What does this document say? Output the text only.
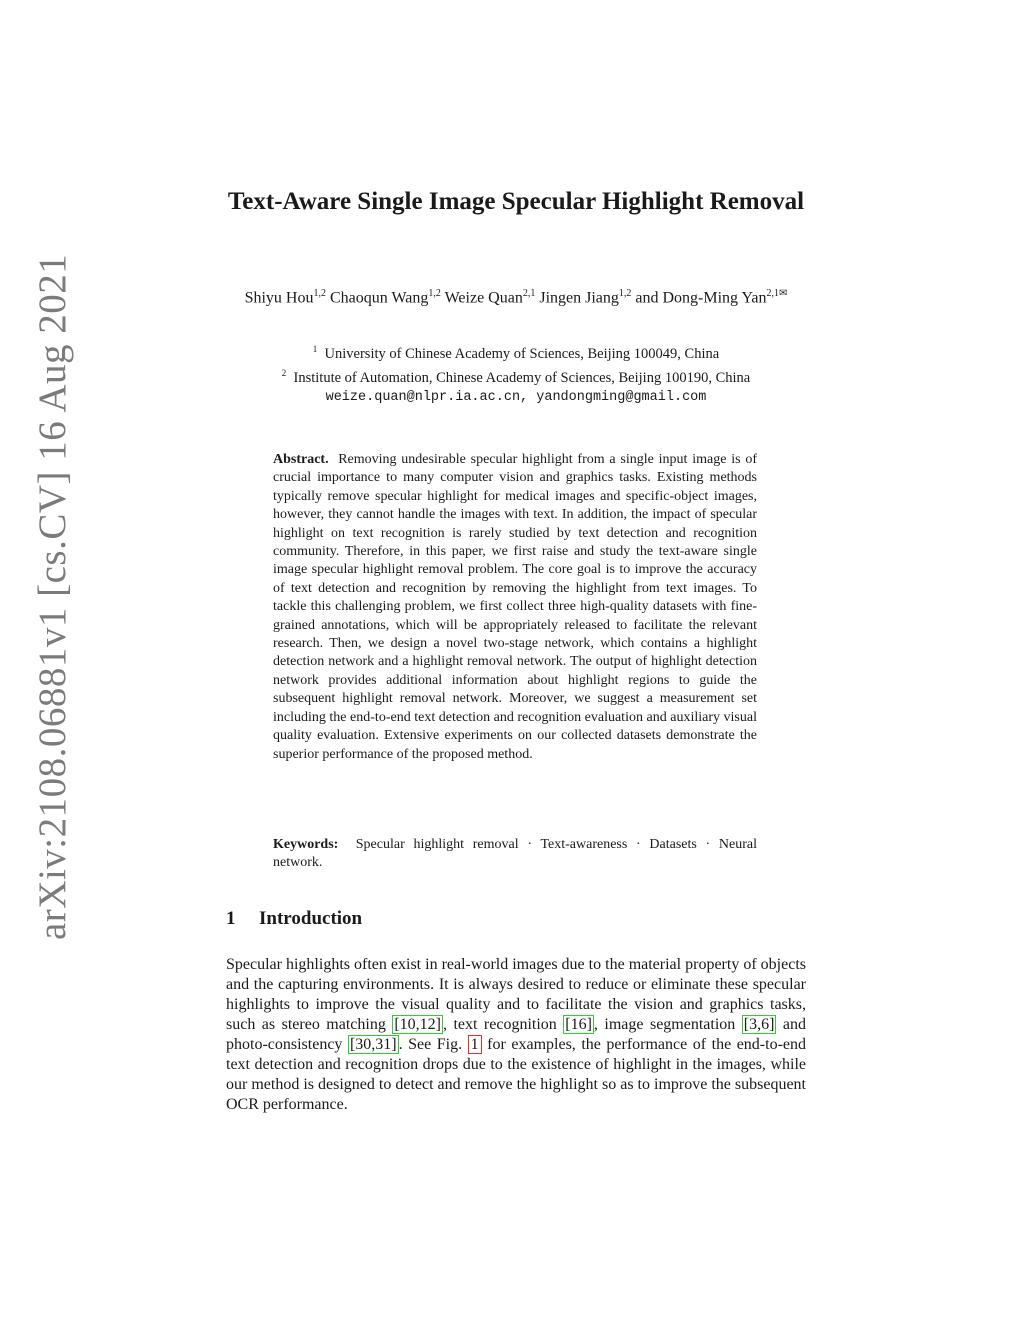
arXiv:2108.06881v1 [cs.CV] 16 Aug 2021
Text-Aware Single Image Specular Highlight Removal
Shiyu Hou$^{1,2}$ Chaoqun Wang$^{1,2}$ Weize Quan$^{2,1}$ Jingen Jiang$^{1,2}$ and Dong-Ming Yan$^{2,1✉}$
$^1$ University of Chinese Academy of Sciences, Beijing 100049, China
$^2$ Institute of Automation, Chinese Academy of Sciences, Beijing 100190, China
weize.quan@nlpr.ia.ac.cn, yandongming@gmail.com
Abstract. Removing undesirable specular highlight from a single input image is of crucial importance to many computer vision and graphics tasks. Existing methods typically remove specular highlight for medical images and specific-object images, however, they cannot handle the images with text. In addition, the impact of specular highlight on text recognition is rarely studied by text detection and recognition community. Therefore, in this paper, we first raise and study the text-aware single image specular highlight removal problem. The core goal is to improve the accuracy of text detection and recognition by removing the highlight from text images. To tackle this challenging problem, we first collect three high-quality datasets with fine-grained annotations, which will be appropriately released to facilitate the relevant research. Then, we design a novel two-stage network, which contains a highlight detection network and a highlight removal network. The output of highlight detection network provides additional information about highlight regions to guide the subsequent highlight removal network. Moreover, we suggest a measurement set including the end-to-end text detection and recognition evaluation and auxiliary visual quality evaluation. Extensive experiments on our collected datasets demonstrate the superior performance of the proposed method.
Keywords: Specular highlight removal · Text-awareness · Datasets · Neural network.
1 Introduction
Specular highlights often exist in real-world images due to the material property of objects and the capturing environments. It is always desired to reduce or eliminate these specular highlights to improve the visual quality and to facilitate the vision and graphics tasks, such as stereo matching [10,12] , text recognition [16] , image segmentation [3,6] and photo-consistency [30,31] . See Fig. 1 for examples, the performance of the end-to-end text detection and recognition drops due to the existence of highlight in the images, while our method is designed to detect and remove the highlight so as to improve the subsequent OCR performance.
